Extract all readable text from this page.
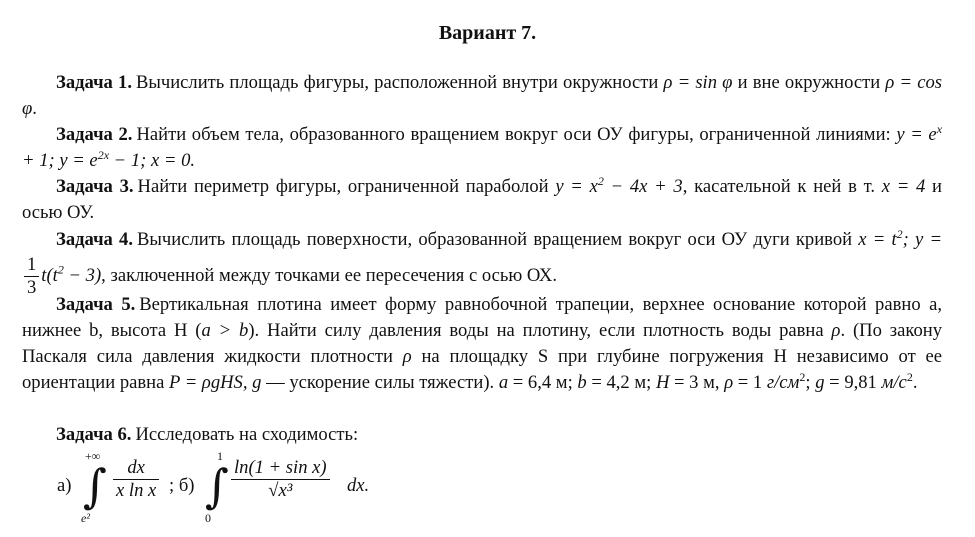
Вариант 7.
Задача 1. Вычислить площадь фигуры, расположенной внутри окружности ρ = sin φ и вне окружности ρ = cos φ.
Задача 2. Найти объем тела, образованного вращением вокруг оси ОУ фигуры, ограниченной линиями: $y = e^x + 1$; $y = e^{2x} - 1$; x = 0.
Задача 3. Найти периметр фигуры, ограниченной параболой $y = x^2 - 4x + 3$, касательной к ней в т. x = 4 и осью ОУ.
Задача 4. Вычислить площадь поверхности, образованной вращением вокруг оси ОУ дуги кривой $x = t^2$; y =
$\frac{1}{3} t(t^2 - 3)$, заключенной между точками ее пересечения с осью ОХ.
Задача 5. Вертикальная плотина имеет форму равнобочной трапеции, верхнее основание которой равно a, нижнее b, высота H (a > b). Найти силу давления воды на плотину, если плотность воды равна ρ. (По закону Паскаля сила давления жидкости плотности ρ на площадку S при глубине погружения H независимо от ее ориентации равна P = ρgHS, g — ускорение силы тяжести). a = 6,4 м; b = 4,2 м; H = 3 м, ρ = 1 $г/см^2$; g = 9,81 $м/с^2$.
Задача 6. Исследовать на сходимость:
а)
+∞
∫
e²
$\frac{dx}{\text{x ln x}}$ ; б)
1
∫
0
$\frac{\text{ln(1 + sin x)}}{\text{√x³}}$ dx.
